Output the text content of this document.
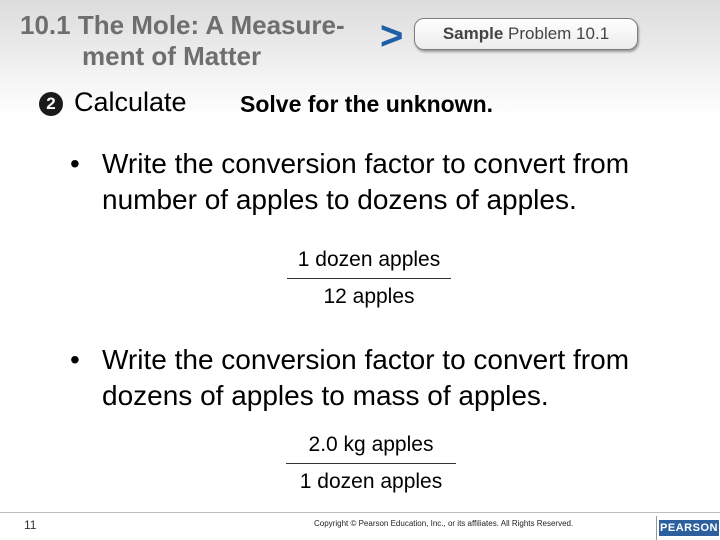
10.1 The Mole: A Measure-
ment of Matter	>	Sample Problem 10.1
2 Calculate Solve for the unknown.
• Write the conversion factor to convert from number of apples to dozens of apples.
1 dozen apples
12 apples
• Write the conversion factor to convert from dozens of apples to mass of apples.
2.0 kg apples
1 dozen apples
11	Copyright © Pearson Education, Inc., or its affiliates. All Rights Reserved.	PEARSON
